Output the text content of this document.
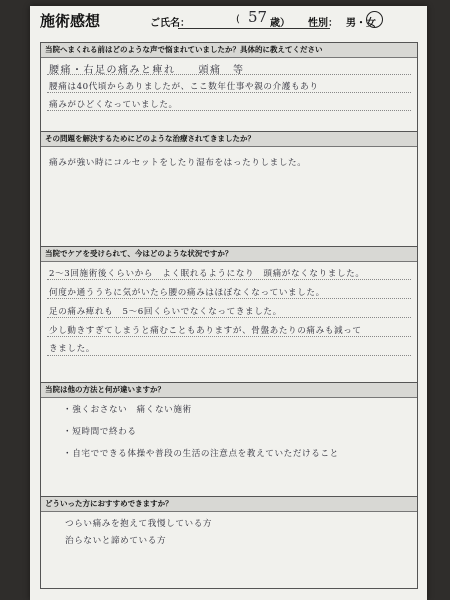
施術感想	ご氏名：	( 57 歳） 性別： 男・女
当院へまくれる前はどのような声で悩まれていましたか？具体的に教えてください
腰痛・右足の痛みと痺れ　　頭痛　等
腰痛は40代頃からありましたが、ここ数年仕事や親の介護もあり
痛みがひどくなっていました。
その問題を解決するためにどのような治療されてきましたか？
痛みが強い時にコルセットをしたり湿布をはったりしました。
当院でケアを受けられて、今はどのような状況ですか？
2～3回施術後くらいから　よく眠れるようになり　頭痛がなくなりました。
何度か通ううちに気がいたら腰の痛みはほぼなくなっていました。
足の痛み痺れも　5～6回くらいでなくなってきました。
少し動きすぎてしまうと痛むこともありますが、骨盤あたりの痛みも減って
きました。
当院は他の方法と何が違いますか？
・強くおさない　痛くない施術
・短時間で終わる
・自宅でできる体操や普段の生活の注意点を教えていただけること
どういった方におすすめできますか？
つらい痛みを抱えて我慢している方
治らないと諦めている方
